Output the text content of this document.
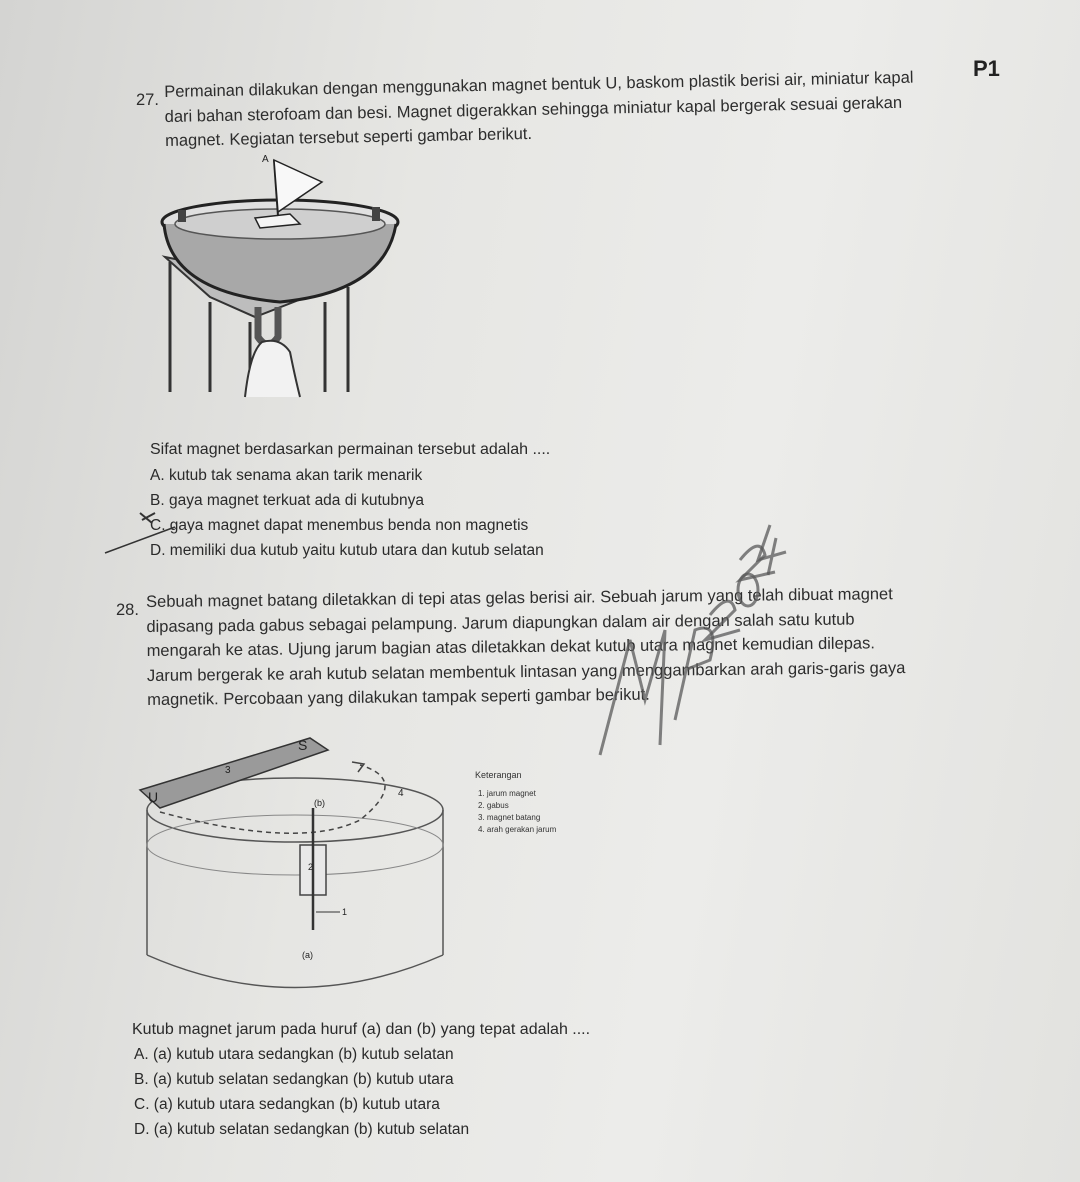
P1
27. Permainan dilakukan dengan menggunakan magnet bentuk U, baskom plastik berisi air, miniatur kapal

dari bahan sterofoam dan besi. Magnet digerakkan sehingga miniatur kapal bergerak sesuai gerakan

magnet. Kegiatan tersebut seperti gambar berikut.

A
Sifat magnet berdasarkan permainan tersebut adalah ....
A. kutub tak senama akan tarik menarik
B. gaya magnet terkuat ada di kutubnya
C. gaya magnet dapat menembus benda non magnetis
D. memiliki dua kutub yaitu kutub utara dan kutub selatan
28. Sebuah magnet batang diletakkan di tepi atas gelas berisi air. Sebuah jarum yang telah dibuat magnet

dipasang pada gabus sebagai pelampung. Jarum diapungkan dalam air dengan salah satu kutub

mengarah ke atas. Ujung jarum bagian atas diletakkan dekat kutub utara magnet kemudian dilepas.

Jarum bergerak ke arah kutub selatan membentuk lintasan yang menggambarkan arah garis-garis gaya

magnetik. Percobaan yang dilakukan tampak seperti gambar berikut.

S
U
3
4
(b)
2
1
(a)
Keterangan
1. jarum magnet
2. gabus
3. magnet batang
4. arah gerakan jarum
Kutub magnet jarum pada huruf (a) dan (b) yang tepat adalah ....
A. (a) kutub utara sedangkan (b) kutub selatan
B. (a) kutub selatan sedangkan (b) kutub utara
C. (a) kutub utara sedangkan (b) kutub utara
D. (a) kutub selatan sedangkan (b) kutub selatan
